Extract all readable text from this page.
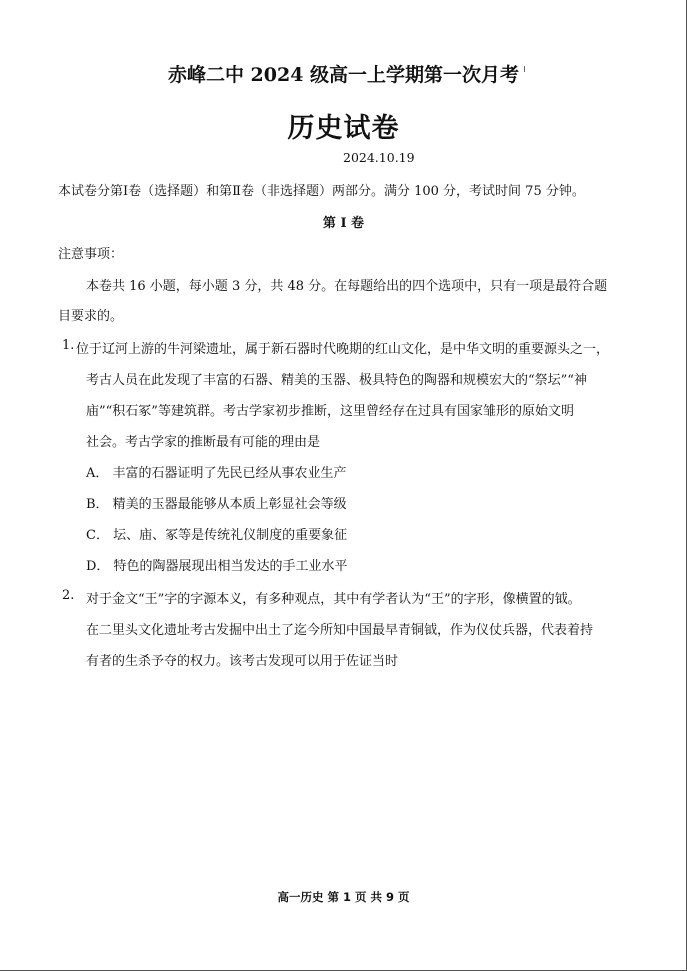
赤峰二中 2024 级高一上学期第一次月考
历史试卷
2024.10.19
本试卷分第Ⅰ卷（选择题）和第Ⅱ卷（非选择题）两部分。满分 100 分，考试时间 75 分钟。
第 Ⅰ 卷
注意事项：
本卷共 16 小题，每小题 3 分，共 48 分。在每题给出的四个选项中，只有一项是最符合题
目要求的。
1. 位于辽河上游的牛河梁遗址，属于新石器时代晚期的红山文化，是中华文明的重要源头之一，
考古人员在此发现了丰富的石器、精美的玉器、极具特色的陶器和规模宏大的“祭坛”“神
庙”“积石冢”等建筑群。考古学家初步推断，这里曾经存在过具有国家雏形的原始文明
社会。考古学家的推断最有可能的理由是
A． 丰富的石器证明了先民已经从事农业生产
B． 精美的玉器最能够从本质上彰显社会等级
C． 坛、庙、冢等是传统礼仪制度的重要象征
D． 特色的陶器展现出相当发达的手工业水平
2. 对于金文“王”字的字源本义，有多种观点，其中有学者认为“王”的字形，像横置的钺。
在二里头文化遗址考古发掘中出土了迄今所知中国最早青铜钺，作为仪仗兵器，代表着持
有者的生杀予夺的权力。该考古发现可以用于佐证当时
高一历史 第 1 页 共 9 页
